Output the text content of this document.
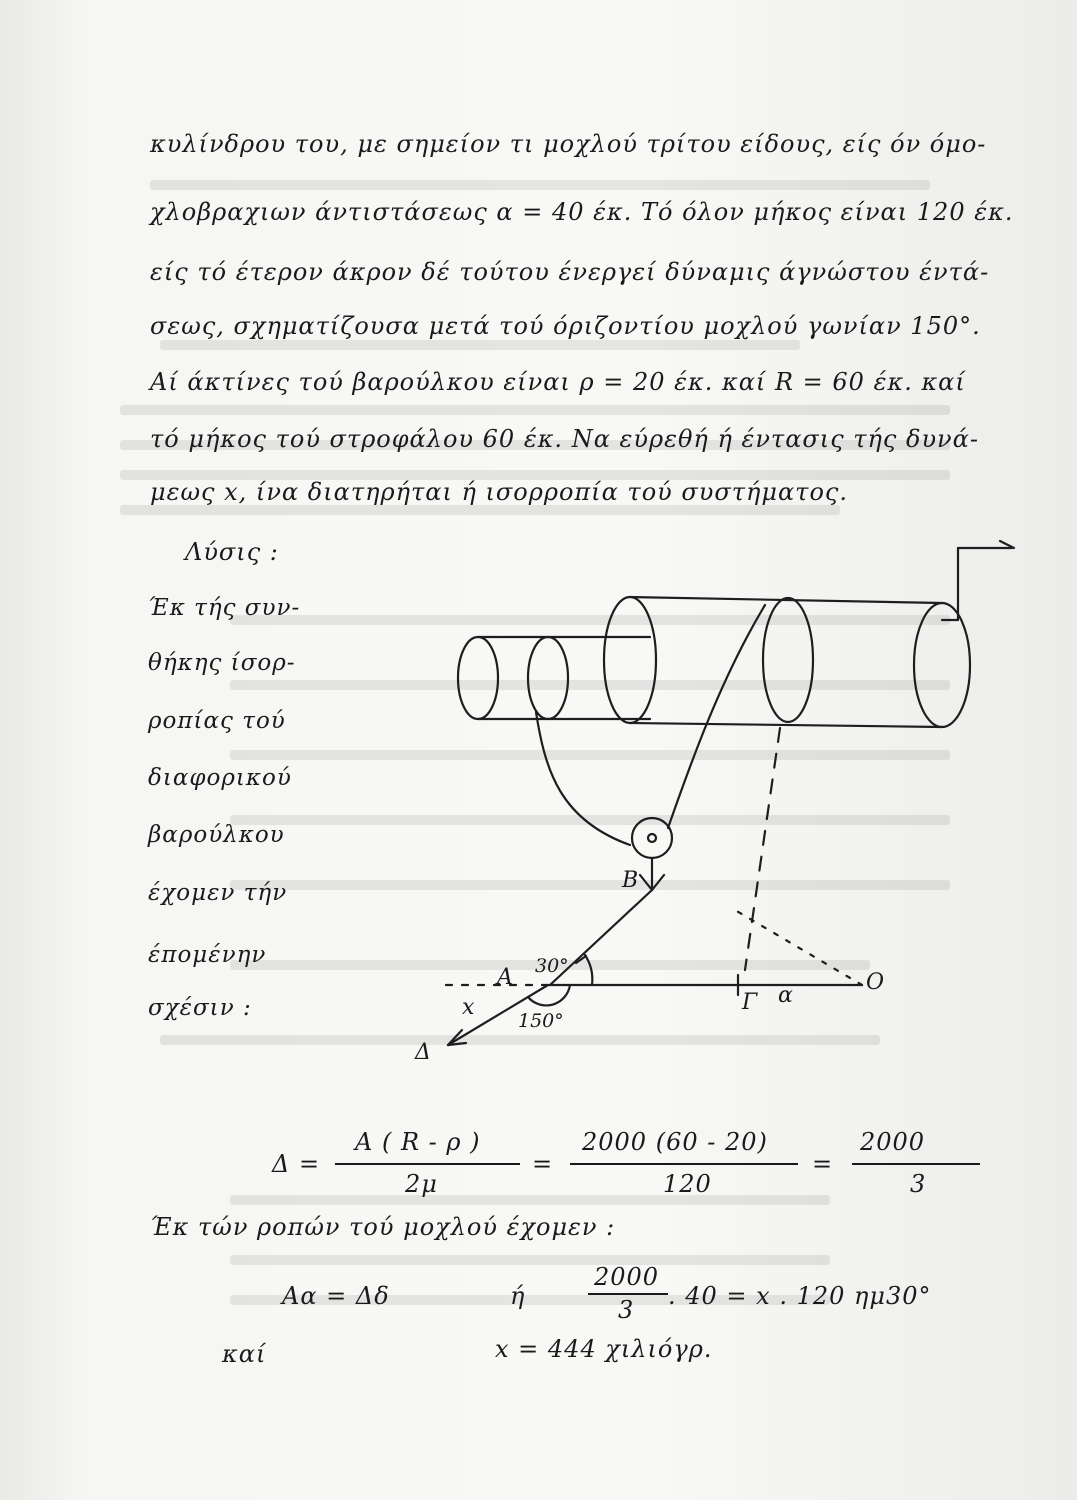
κυλίνδρου του, με σημείον τι μοχλού τρίτου είδους, είς όν όμο-
χλοβραχιων άντιστάσεως α = 40 έκ. Τό όλον μήκος είναι 120 έκ.
είς τό έτερον άκρον δέ τούτου ένεργεί δύναμις άγνώστου έντά-
σεως, σχηματίζουσα μετά τού όριζοντίου μοχλού γωνίαν 150°.
Αί άκτίνες τού βαρούλκου είναι ρ = 20 έκ. καί R = 60 έκ. καί
τό μήκος τού στροφάλου 60 έκ. Να εύρεθή ή έντασις τής δυνά-
μεως x, ίνα διατηρήται ή ισορροπία τού συστήματος.
Λύσις :
Έκ τής συν-
θήκης ίσορ-
ροπίας τού
διαφορικού
βαρούλκου
έχομεν τήν
έπομένην
σχέσιν :
B
A 30°
Γ α
O
x
150°
Δ
Δ =
A ( R - ρ )
2μ
=
2000 (60 - 20)
120
=
2000
3
Έκ τών ροπών τού μοχλού έχομεν :
Aα = Δδ	ή
2000
3 . 40 = x . 120 ημ30°
καί	x = 444 χιλιόγρ.
